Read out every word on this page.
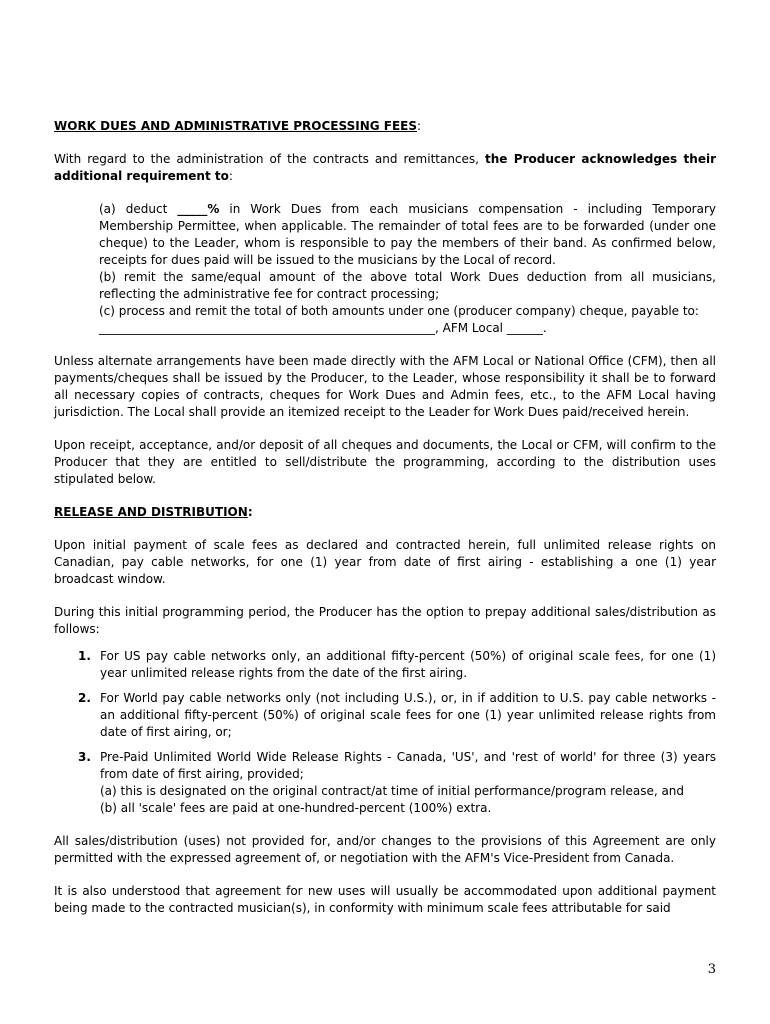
WORK DUES AND ADMINISTRATIVE PROCESSING FEES:

With regard to the administration of the contracts and remittances, the Producer acknowledges their additional requirement to:

(a) deduct _____% in Work Dues from each musicians compensation - including Temporary Membership Permittee, when applicable. The remainder of total fees are to be forwarded (under one cheque) to the Leader, whom is responsible to pay the members of their band. As confirmed below, receipts for dues paid will be issued to the musicians by the Local of record.
(b) remit the same/equal amount of the above total Work Dues deduction from all musicians, reflecting the administrative fee for contract processing;
(c) process and remit the total of both amounts under one (producer company) cheque, payable to:
________________________________________________________, AFM Local ______.

Unless alternate arrangements have been made directly with the AFM Local or National Office (CFM), then all payments/cheques shall be issued by the Producer, to the Leader, whose responsibility it shall be to forward all necessary copies of contracts, cheques for Work Dues and Admin fees, etc., to the AFM Local having jurisdiction. The Local shall provide an itemized receipt to the Leader for Work Dues paid/received herein.

Upon receipt, acceptance, and/or deposit of all cheques and documents, the Local or CFM, will confirm to the Producer that they are entitled to sell/distribute the programming, according to the distribution uses stipulated below.

RELEASE AND DISTRIBUTION:

Upon initial payment of scale fees as declared and contracted herein, full unlimited release rights on Canadian, pay cable networks, for one (1) year from date of first airing - establishing a one (1) year broadcast window.

During this initial programming period, the Producer has the option to prepay additional sales/distribution as follows:

1. For US pay cable networks only, an additional fifty-percent (50%) of original scale fees, for one (1) year unlimited release rights from the date of the first airing.
2. For World pay cable networks only (not including U.S.), or, in if addition to U.S. pay cable networks - an additional fifty-percent (50%) of original scale fees for one (1) year unlimited release rights from date of first airing, or;
3. Pre-Paid Unlimited World Wide Release Rights - Canada, 'US', and 'rest of world' for three (3) years from date of first airing, provided;
(a) this is designated on the original contract/at time of initial performance/program release, and
(b) all 'scale' fees are paid at one-hundred-percent (100%) extra.

All sales/distribution (uses) not provided for, and/or changes to the provisions of this Agreement are only permitted with the expressed agreement of, or negotiation with the AFM's Vice-President from Canada.

It is also understood that agreement for new uses will usually be accommodated upon additional payment being made to the contracted musician(s), in conformity with minimum scale fees attributable for said

3
